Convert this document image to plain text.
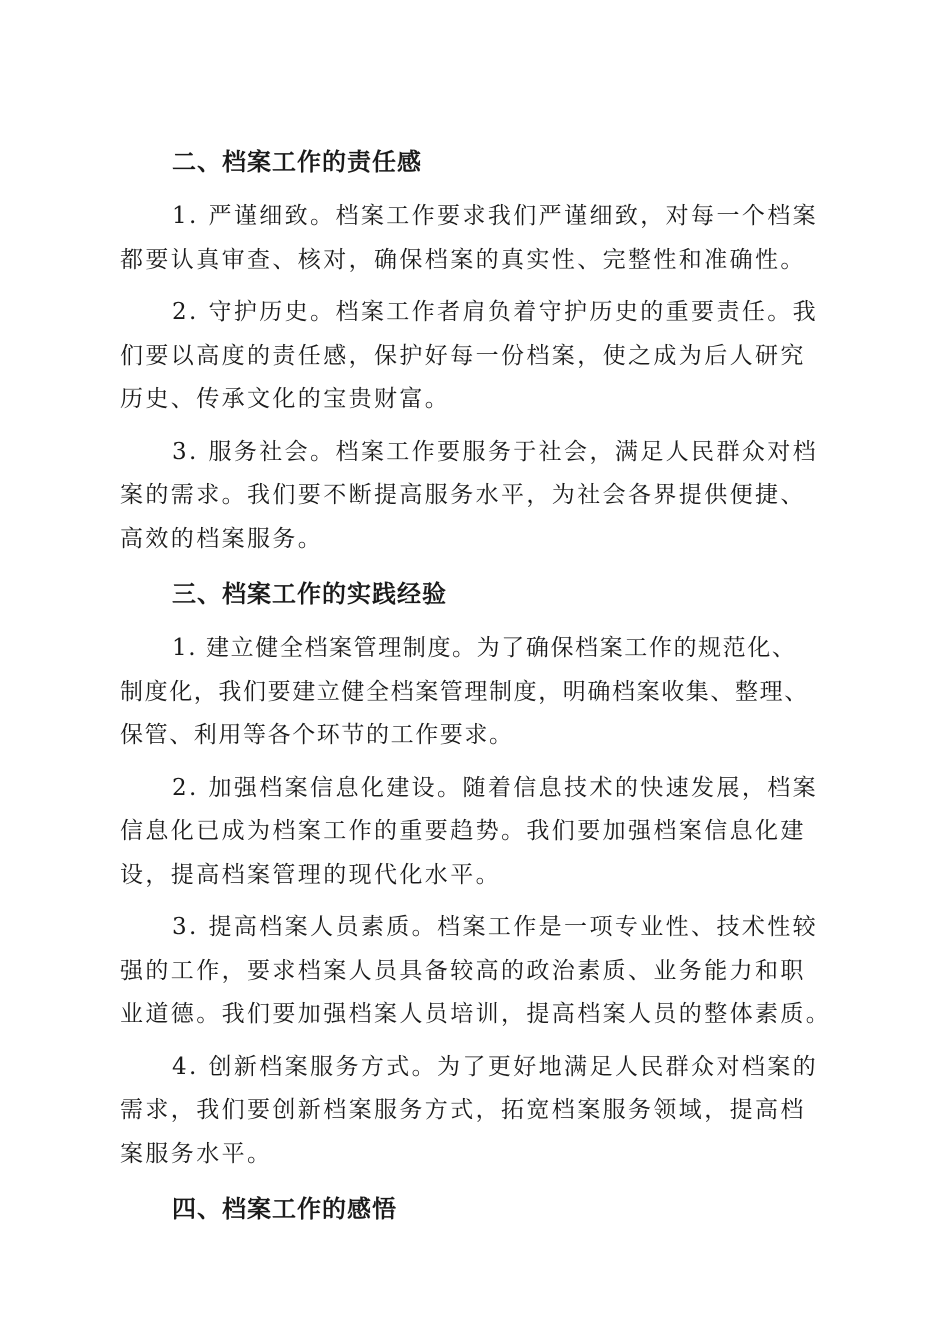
二、档案工作的责任感
1. 严谨细致。档案工作要求我们严谨细致，对每一个档案
都要认真审查、核对，确保档案的真实性、完整性和准确性。
2. 守护历史。档案工作者肩负着守护历史的重要责任。我
们要以高度的责任感，保护好每一份档案，使之成为后人研究
历史、传承文化的宝贵财富。
3. 服务社会。档案工作要服务于社会，满足人民群众对档
案的需求。我们要不断提高服务水平，为社会各界提供便捷、
高效的档案服务。
三、档案工作的实践经验
1. 建立健全档案管理制度。为了确保档案工作的规范化、
制度化，我们要建立健全档案管理制度，明确档案收集、整理、
保管、利用等各个环节的工作要求。
2. 加强档案信息化建设。随着信息技术的快速发展，档案
信息化已成为档案工作的重要趋势。我们要加强档案信息化建
设，提高档案管理的现代化水平。
3. 提高档案人员素质。档案工作是一项专业性、技术性较
强的工作，要求档案人员具备较高的政治素质、业务能力和职
业道德。我们要加强档案人员培训，提高档案人员的整体素质。
4. 创新档案服务方式。为了更好地满足人民群众对档案的
需求，我们要创新档案服务方式，拓宽档案服务领域，提高档
案服务水平。
四、档案工作的感悟
